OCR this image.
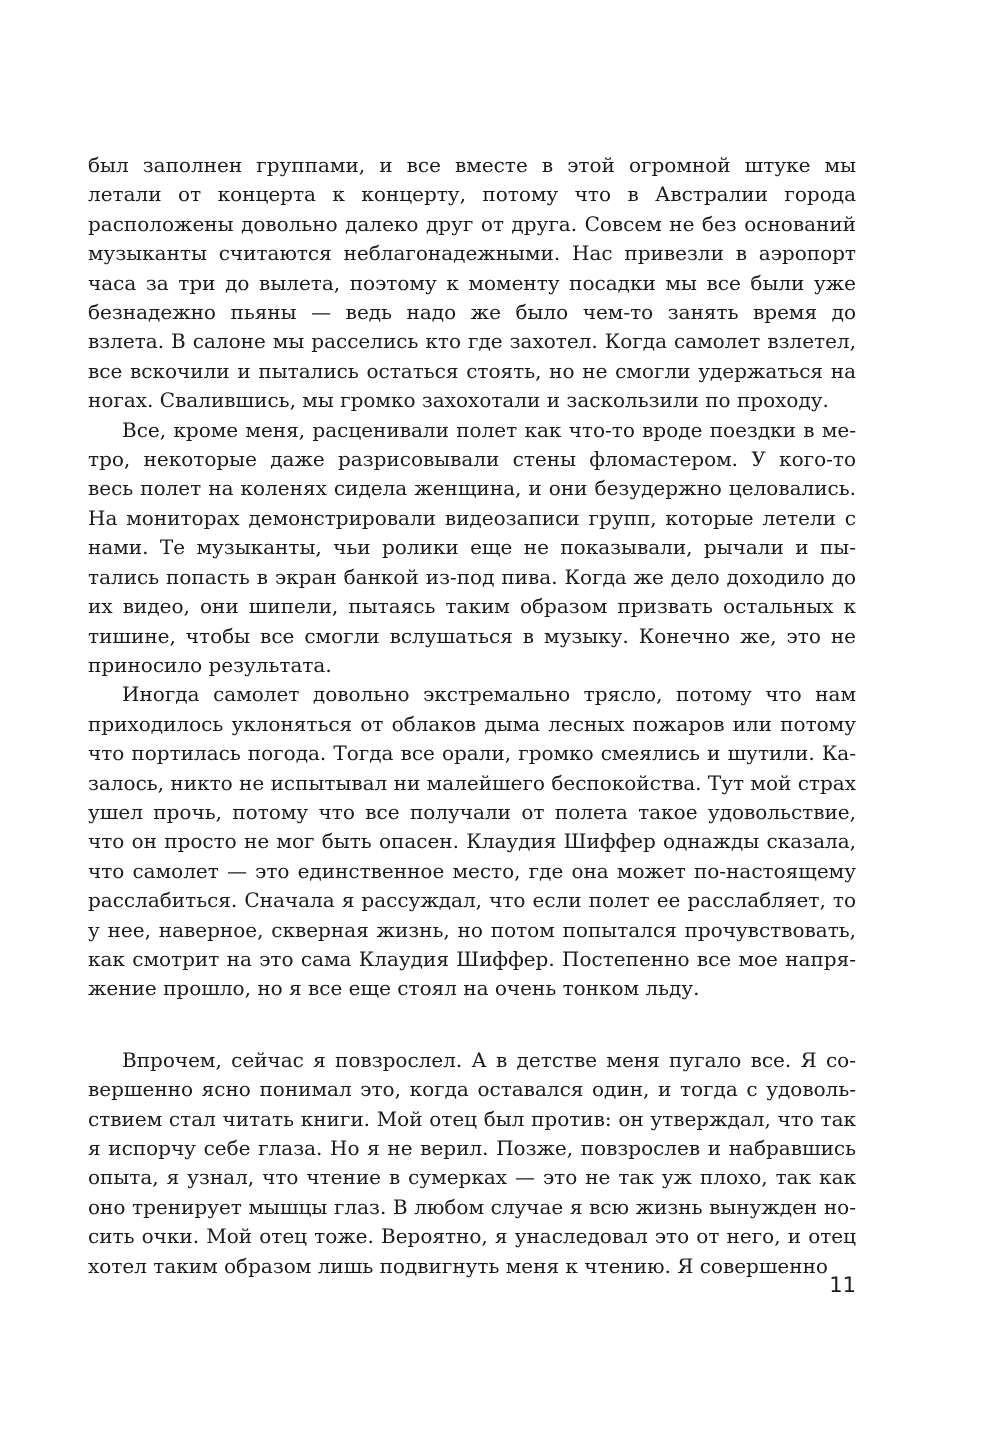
был заполнен группами, и все вместе в этой огромной штуке мы летали от концерта к концерту, потому что в Австралии города расположены довольно далеко друг от друга. Совсем не без оснований музыканты считаются неблагонадежными. Нас привезли в аэропорт часа за три до вылета, поэтому к моменту посадки мы все были уже безнадежно пьяны — ведь надо же было чем-то занять время до взлета. В салоне мы расселись кто где захотел. Когда самолет взлетел, все вскочили и пытались остаться стоять, но не смогли удержаться на ногах. Свалившись, мы громко захохотали и заскользили по проходу.

Все, кроме меня, расценивали полет как что-то вроде поездки в метро, некоторые даже разрисовывали стены фломастером. У кого-то весь полет на коленях сидела женщина, и они безудержно целовались. На мониторах демонстрировали видеозаписи групп, которые летели с нами. Те музыканты, чьи ролики еще не показывали, рычали и пытались попасть в экран банкой из-под пива. Когда же дело доходило до их видео, они шипели, пытаясь таким образом призвать остальных к тишине, чтобы все смогли вслушаться в музыку. Конечно же, это не приносило результата.

Иногда самолет довольно экстремально трясло, потому что нам приходилось уклоняться от облаков дыма лесных пожаров или потому что портилась погода. Тогда все орали, громко смеялись и шутили. Казалось, никто не испытывал ни малейшего беспокойства. Тут мой страх ушел прочь, потому что все получали от полета такое удовольствие, что он просто не мог быть опасен. Клаудия Шиффер однажды сказала, что самолет — это единственное место, где она может по-настоящему расслабиться. Сначала я рассуждал, что если полет ее расслабляет, то у нее, наверное, скверная жизнь, но потом попытался прочувствовать, как смотрит на это сама Клаудия Шиффер. Постепенно все мое напряжение прошло, но я все еще стоял на очень тонком льду.

Впрочем, сейчас я повзрослел. А в детстве меня пугало все. Я совершенно ясно понимал это, когда оставался один, и тогда с удовольствием стал читать книги. Мой отец был против: он утверждал, что так я испорчу себе глаза. Но я не верил. Позже, повзрослев и набравшись опыта, я узнал, что чтение в сумерках — это не так уж плохо, так как оно тренирует мышцы глаз. В любом случае я всю жизнь вынужден носить очки. Мой отец тоже. Вероятно, я унаследовал это от него, и отец хотел таким образом лишь подвигнуть меня к чтению. Я совершенно

11
